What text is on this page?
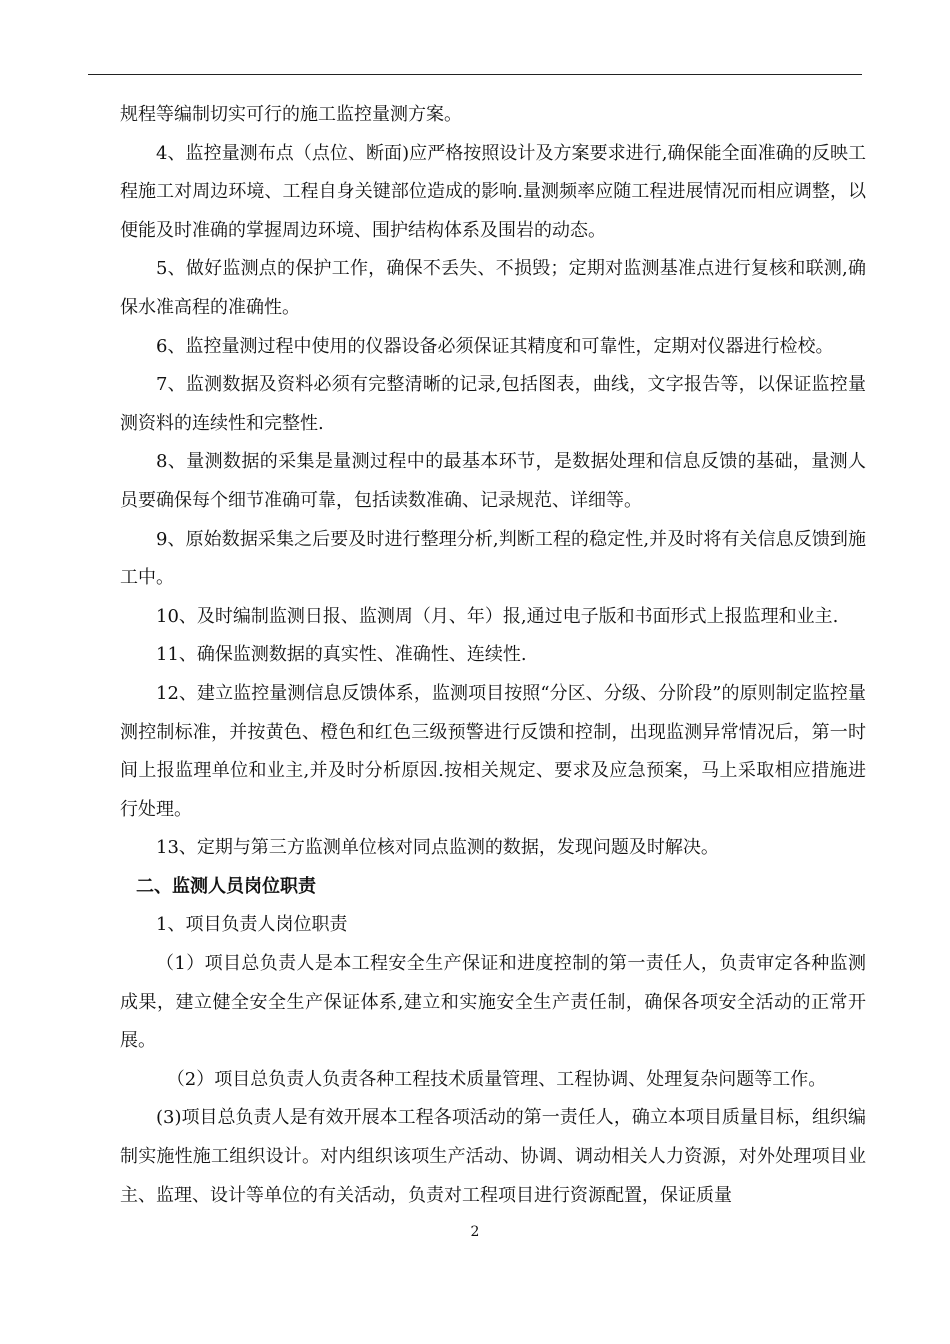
规程等编制切实可行的施工监控量测方案。

4、监控量测布点（点位、断面)应严格按照设计及方案要求进行,确保能全面准确的反映工程施工对周边环境、工程自身关键部位造成的影响.量测频率应随工程进展情况而相应调整，以便能及时准确的掌握周边环境、围护结构体系及围岩的动态。

5、做好监测点的保护工作，确保不丢失、不损毁；定期对监测基准点进行复核和联测,确保水准高程的准确性。

6、监控量测过程中使用的仪器设备必须保证其精度和可靠性，定期对仪器进行检校。

7、监测数据及资料必须有完整清晰的记录,包括图表，曲线，文字报告等，以保证监控量测资料的连续性和完整性.

8、量测数据的采集是量测过程中的最基本环节，是数据处理和信息反馈的基础，量测人员要确保每个细节准确可靠，包括读数准确、记录规范、详细等。

9、原始数据采集之后要及时进行整理分析,判断工程的稳定性,并及时将有关信息反馈到施工中。

10、及时编制监测日报、监测周（月、年）报,通过电子版和书面形式上报监理和业主.

11、确保监测数据的真实性、准确性、连续性.

12、建立监控量测信息反馈体系，监测项目按照“分区、分级、分阶段”的原则制定监控量测控制标准，并按黄色、橙色和红色三级预警进行反馈和控制，出现监测异常情况后，第一时间上报监理单位和业主,并及时分析原因.按相关规定、要求及应急预案，马上采取相应措施进行处理。

13、定期与第三方监测单位核对同点监测的数据，发现问题及时解决。

二、监测人员岗位职责

1、项目负责人岗位职责

（1）项目总负责人是本工程安全生产保证和进度控制的第一责任人，负责审定各种监测成果，建立健全安全生产保证体系,建立和实施安全生产责任制，确保各项安全活动的正常开展。

（2）项目总负责人负责各种工程技术质量管理、工程协调、处理复杂问题等工作。

(3)项目总负责人是有效开展本工程各项活动的第一责任人，确立本项目质量目标，组织编制实施性施工组织设计。对内组织该项生产活动、协调、调动相关人力资源，对外处理项目业主、监理、设计等单位的有关活动，负责对工程项目进行资源配置，保证质量

2
